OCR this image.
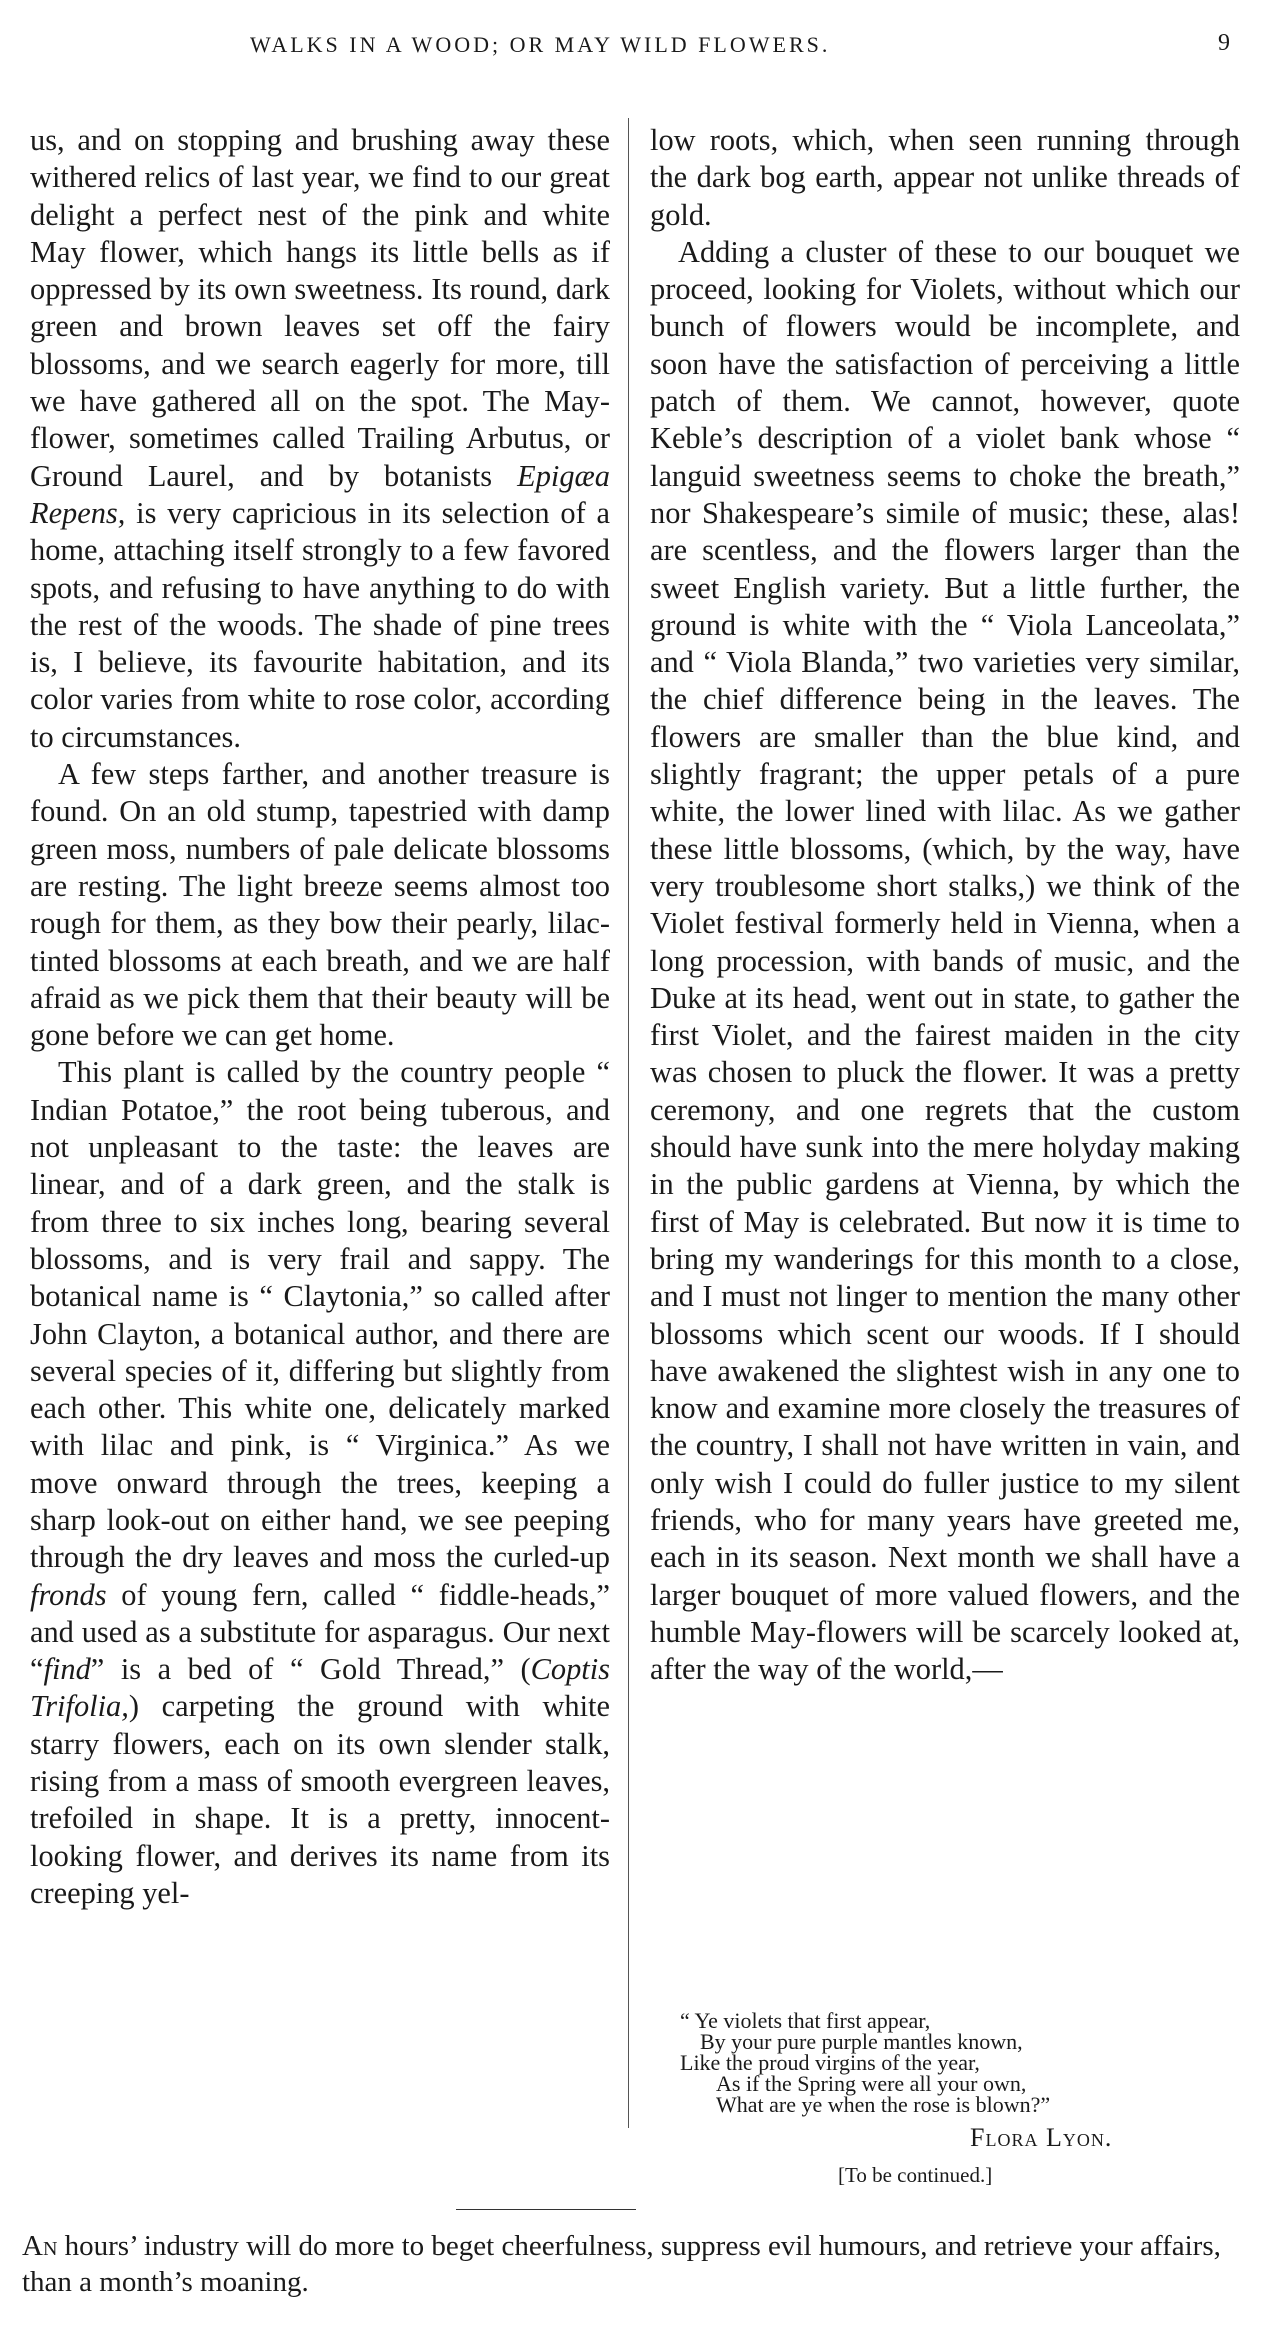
WALKS IN A WOOD; OR MAY WILD FLOWERS.	9

us, and on stopping and brushing away these withered relics of last year, we find to our great delight a perfect nest of the pink and white May flower, which hangs its little bells as if oppressed by its own sweetness. Its round, dark green and brown leaves set off the fairy blossoms, and we search eagerly for more, till we have gathered all on the spot. The May-flower, sometimes called Trailing Arbutus, or Ground Laurel, and by botanists Epigæa Repens, is very capricious in its selection of a home, attaching itself strongly to a few favored spots, and refusing to have anything to do with the rest of the woods. The shade of pine trees is, I believe, its favourite habitation, and its color varies from white to rose color, according to circumstances.

A few steps farther, and another treasure is found. On an old stump, tapestried with damp green moss, numbers of pale delicate blossoms are resting. The light breeze seems almost too rough for them, as they bow their pearly, lilac-tinted blossoms at each breath, and we are half afraid as we pick them that their beauty will be gone before we can get home.

This plant is called by the country people “ Indian Potatoe,” the root being tuberous, and not unpleasant to the taste: the leaves are linear, and of a dark green, and the stalk is from three to six inches long, bearing several blossoms, and is very frail and sappy. The botanical name is “ Claytonia,” so called after John Clayton, a botanical author, and there are several species of it, differing but slightly from each other. This white one, delicately marked with lilac and pink, is “ Virginica.” As we move onward through the trees, keeping a sharp look-out on either hand, we see peeping through the dry leaves and moss the curled-up fronds of young fern, called “ fiddle-heads,” and used as a substitute for asparagus. Our next “find” is a bed of “ Gold Thread,” (Coptis Trifolia,) carpeting the ground with white starry flowers, each on its own slender stalk, rising from a mass of smooth evergreen leaves, trefoiled in shape. It is a pretty, innocent-looking flower, and derives its name from its creeping yel-

low roots, which, when seen running through the dark bog earth, appear not unlike threads of gold.

Adding a cluster of these to our bouquet we proceed, looking for Violets, without which our bunch of flowers would be incomplete, and soon have the satisfaction of perceiving a little patch of them. We cannot, however, quote Keble’s description of a violet bank whose “ languid sweetness seems to choke the breath,” nor Shakespeare’s simile of music; these, alas! are scentless, and the flowers larger than the sweet English variety. But a little further, the ground is white with the “ Viola Lanceolata,” and “ Viola Blanda,” two varieties very similar, the chief difference being in the leaves. The flowers are smaller than the blue kind, and slightly fragrant; the upper petals of a pure white, the lower lined with lilac. As we gather these little blossoms, (which, by the way, have very troublesome short stalks,) we think of the Violet festival formerly held in Vienna, when a long procession, with bands of music, and the Duke at its head, went out in state, to gather the first Violet, and the fairest maiden in the city was chosen to pluck the flower. It was a pretty ceremony, and one regrets that the custom should have sunk into the mere holyday making in the public gardens at Vienna, by which the first of May is celebrated. But now it is time to bring my wanderings for this month to a close, and I must not linger to mention the many other blossoms which scent our woods. If I should have awakened the slightest wish in any one to know and examine more closely the treasures of the country, I shall not have written in vain, and only wish I could do fuller justice to my silent friends, who for many years have greeted me, each in its season. Next month we shall have a larger bouquet of more valued flowers, and the humble May-flowers will be scarcely looked at, after the way of the world,—

“ Ye violets that first appear,
By your pure purple mantles known,
Like the proud virgins of the year,
As if the Spring were all your own,
What are ye when the rose is blown?”
Flora Lyon.
[To be continued.]
An hours’ industry will do more to beget cheerfulness, suppress evil humours, and retrieve your affairs, than a month’s moaning.
